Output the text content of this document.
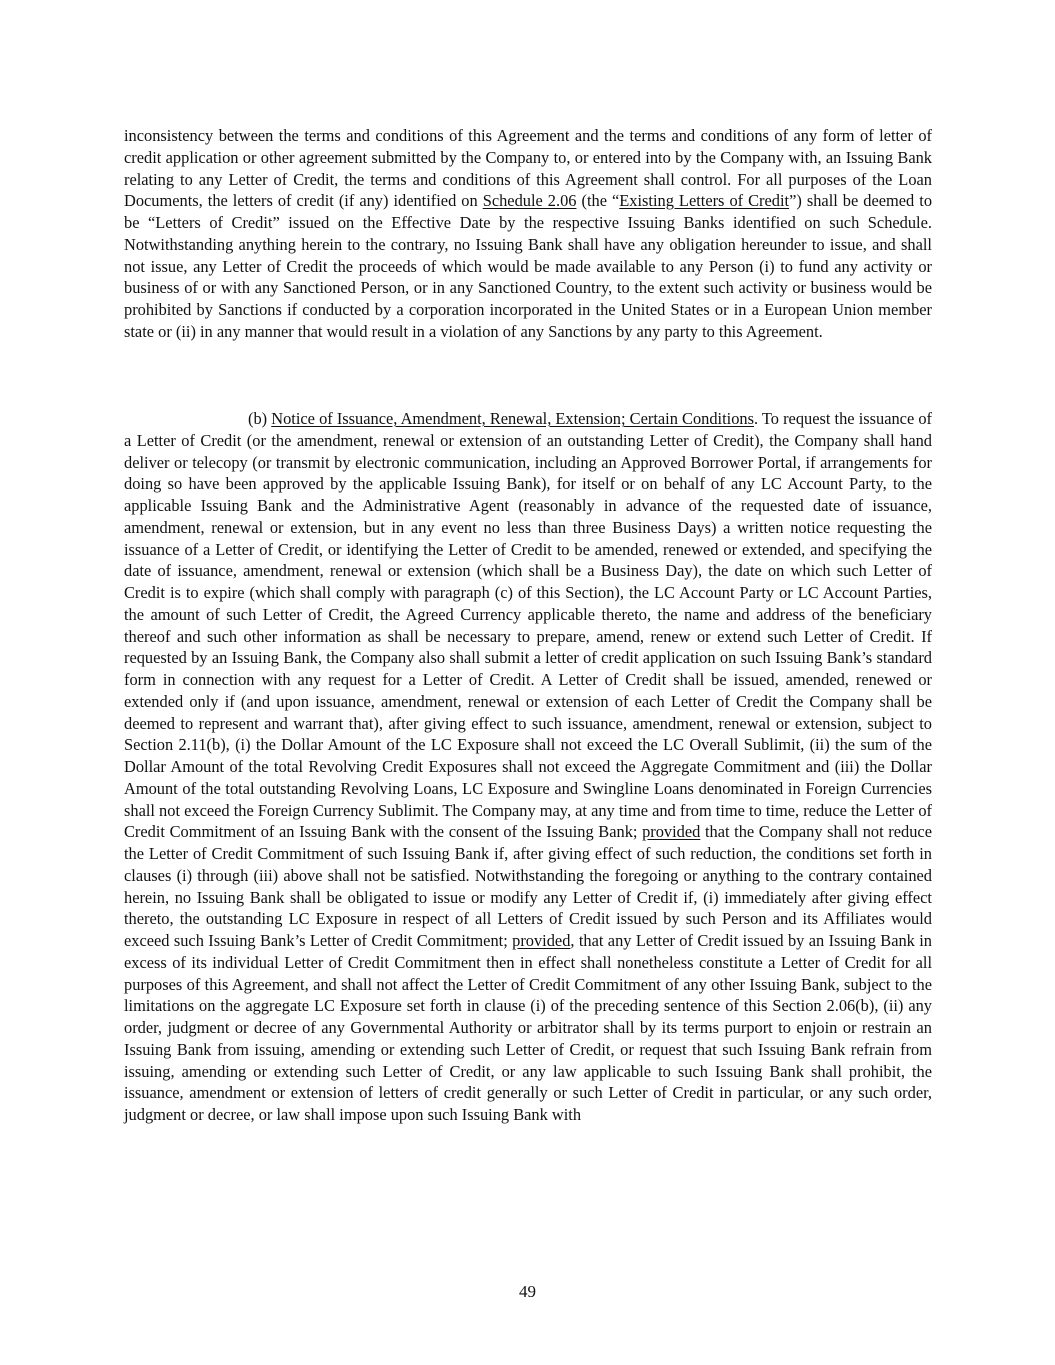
inconsistency between the terms and conditions of this Agreement and the terms and conditions of any form of letter of credit application or other agreement submitted by the Company to, or entered into by the Company with, an Issuing Bank relating to any Letter of Credit, the terms and conditions of this Agreement shall control. For all purposes of the Loan Documents, the letters of credit (if any) identified on Schedule 2.06 (the “Existing Letters of Credit”) shall be deemed to be “Letters of Credit” issued on the Effective Date by the respective Issuing Banks identified on such Schedule. Notwithstanding anything herein to the contrary, no Issuing Bank shall have any obligation hereunder to issue, and shall not issue, any Letter of Credit the proceeds of which would be made available to any Person (i) to fund any activity or business of or with any Sanctioned Person, or in any Sanctioned Country, to the extent such activity or business would be prohibited by Sanctions if conducted by a corporation incorporated in the United States or in a European Union member state or (ii) in any manner that would result in a violation of any Sanctions by any party to this Agreement.

(b) Notice of Issuance, Amendment, Renewal, Extension; Certain Conditions. To request the issuance of a Letter of Credit (or the amendment, renewal or extension of an outstanding Letter of Credit), the Company shall hand deliver or telecopy (or transmit by electronic communication, including an Approved Borrower Portal, if arrangements for doing so have been approved by the applicable Issuing Bank), for itself or on behalf of any LC Account Party, to the applicable Issuing Bank and the Administrative Agent (reasonably in advance of the requested date of issuance, amendment, renewal or extension, but in any event no less than three Business Days) a written notice requesting the issuance of a Letter of Credit, or identifying the Letter of Credit to be amended, renewed or extended, and specifying the date of issuance, amendment, renewal or extension (which shall be a Business Day), the date on which such Letter of Credit is to expire (which shall comply with paragraph (c) of this Section), the LC Account Party or LC Account Parties, the amount of such Letter of Credit, the Agreed Currency applicable thereto, the name and address of the beneficiary thereof and such other information as shall be necessary to prepare, amend, renew or extend such Letter of Credit. If requested by an Issuing Bank, the Company also shall submit a letter of credit application on such Issuing Bank’s standard form in connection with any request for a Letter of Credit. A Letter of Credit shall be issued, amended, renewed or extended only if (and upon issuance, amendment, renewal or extension of each Letter of Credit the Company shall be deemed to represent and warrant that), after giving effect to such issuance, amendment, renewal or extension, subject to Section 2.11(b), (i) the Dollar Amount of the LC Exposure shall not exceed the LC Overall Sublimit, (ii) the sum of the Dollar Amount of the total Revolving Credit Exposures shall not exceed the Aggregate Commitment and (iii) the Dollar Amount of the total outstanding Revolving Loans, LC Exposure and Swingline Loans denominated in Foreign Currencies shall not exceed the Foreign Currency Sublimit. The Company may, at any time and from time to time, reduce the Letter of Credit Commitment of an Issuing Bank with the consent of the Issuing Bank; provided that the Company shall not reduce the Letter of Credit Commitment of such Issuing Bank if, after giving effect of such reduction, the conditions set forth in clauses (i) through (iii) above shall not be satisfied. Notwithstanding the foregoing or anything to the contrary contained herein, no Issuing Bank shall be obligated to issue or modify any Letter of Credit if, (i) immediately after giving effect thereto, the outstanding LC Exposure in respect of all Letters of Credit issued by such Person and its Affiliates would exceed such Issuing Bank’s Letter of Credit Commitment; provided, that any Letter of Credit issued by an Issuing Bank in excess of its individual Letter of Credit Commitment then in effect shall nonetheless constitute a Letter of Credit for all purposes of this Agreement, and shall not affect the Letter of Credit Commitment of any other Issuing Bank, subject to the limitations on the aggregate LC Exposure set forth in clause (i) of the preceding sentence of this Section 2.06(b), (ii) any order, judgment or decree of any Governmental Authority or arbitrator shall by its terms purport to enjoin or restrain an Issuing Bank from issuing, amending or extending such Letter of Credit, or request that such Issuing Bank refrain from issuing, amending or extending such Letter of Credit, or any law applicable to such Issuing Bank shall prohibit, the issuance, amendment or extension of letters of credit generally or such Letter of Credit in particular, or any such order, judgment or decree, or law shall impose upon such Issuing Bank with

49
